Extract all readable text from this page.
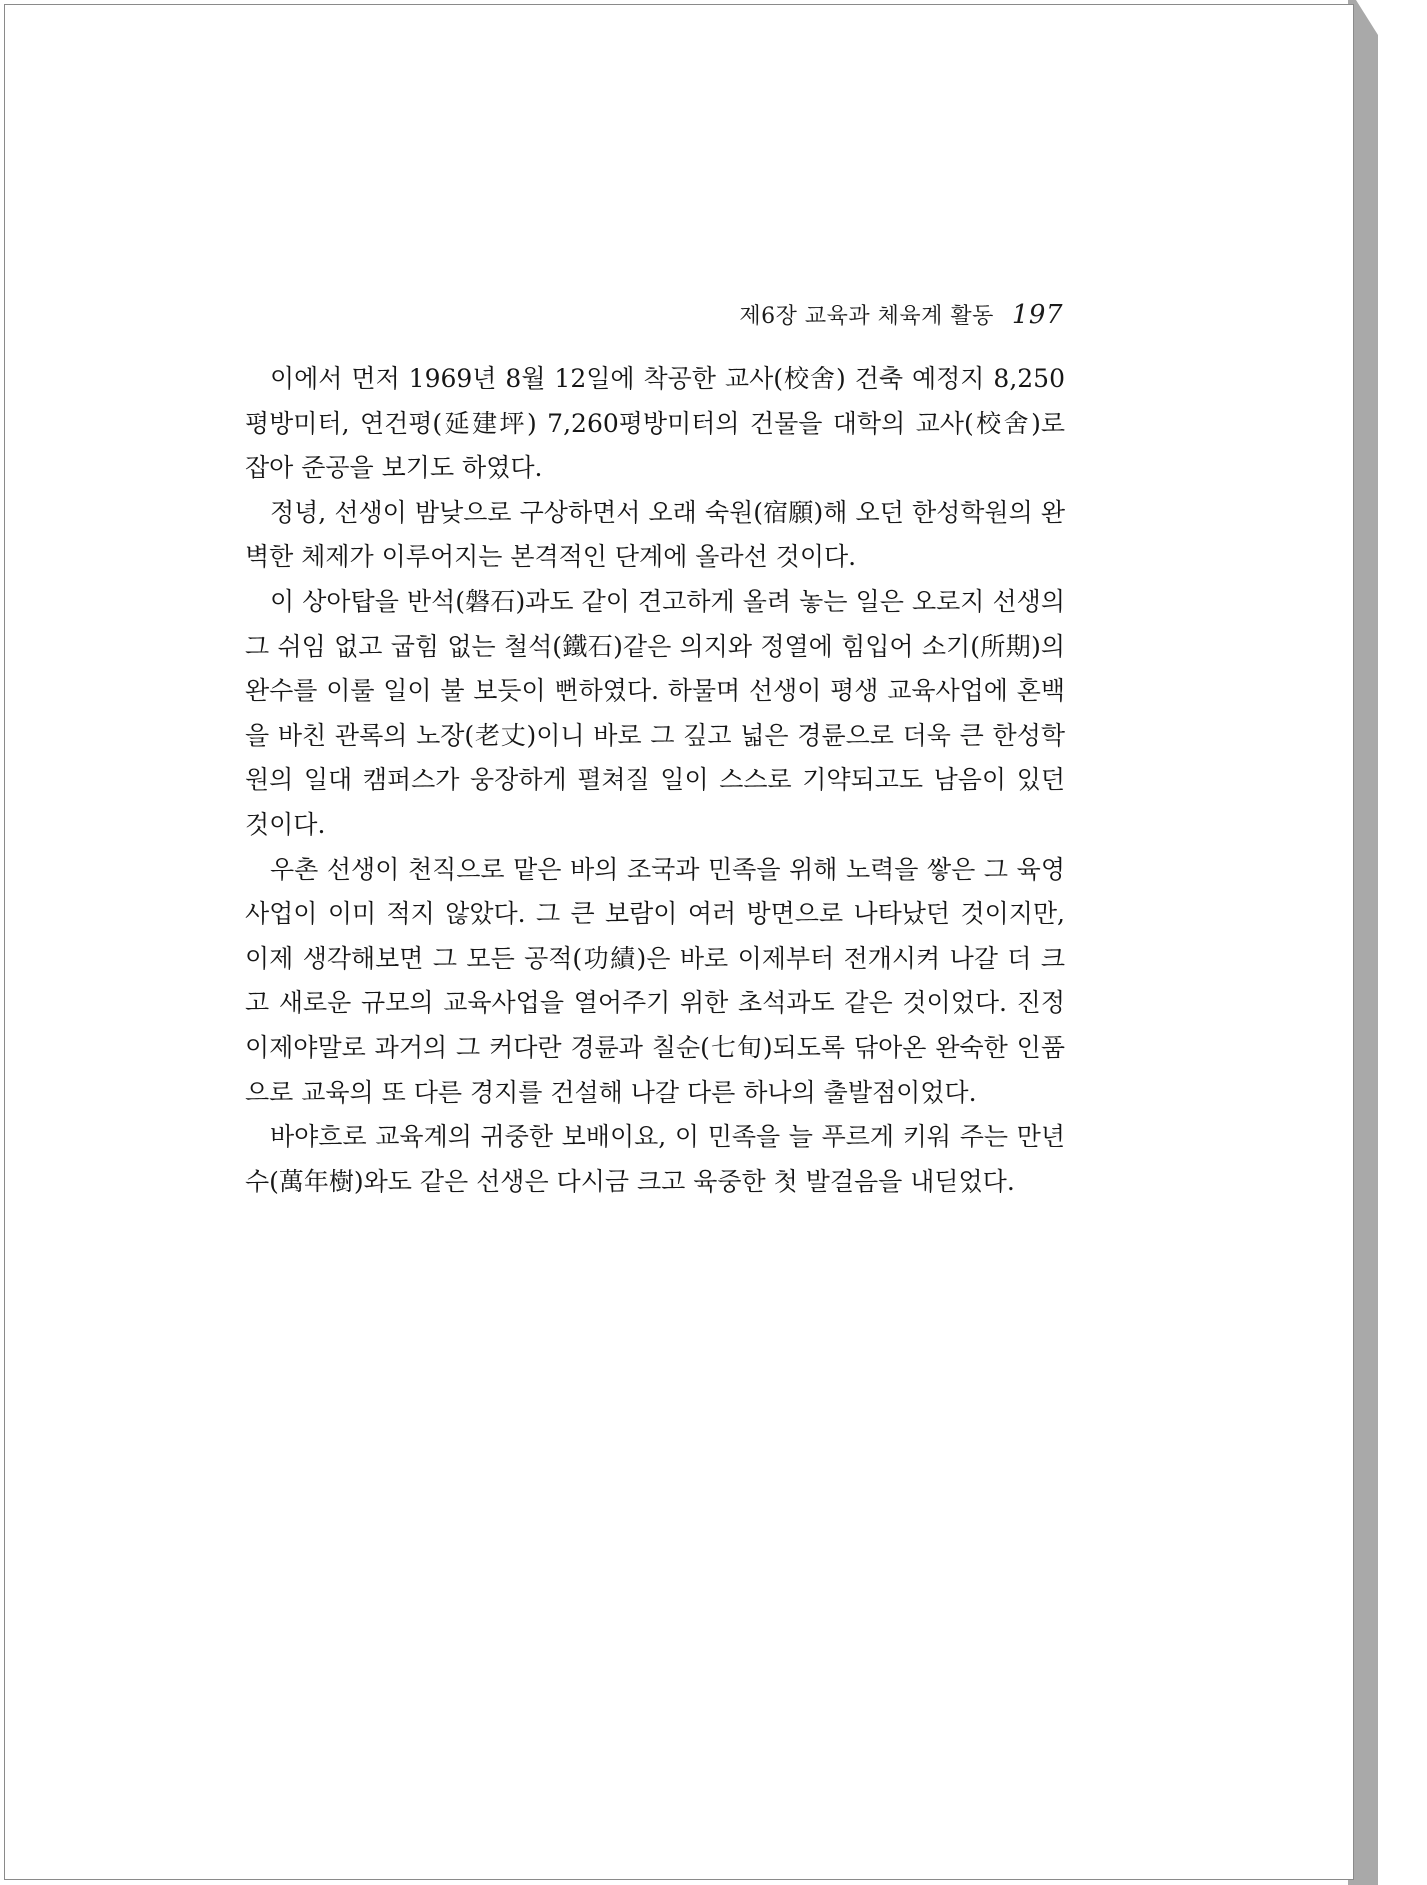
제6장 교육과 체육계 활동 197

이에서 먼저 1969년 8월 12일에 착공한 교사(校舍) 건축 예정지 8,250평방미터, 연건평(延建坪) 7,260평방미터의 건물을 대학의 교사(校舍)로 잡아 준공을 보기도 하였다.

정녕, 선생이 밤낮으로 구상하면서 오래 숙원(宿願)해 오던 한성학원의 완벽한 체제가 이루어지는 본격적인 단계에 올라선 것이다.

이 상아탑을 반석(磐石)과도 같이 견고하게 올려 놓는 일은 오로지 선생의 그 쉬임 없고 굽힘 없는 철석(鐵石)같은 의지와 정열에 힘입어 소기(所期)의 완수를 이룰 일이 불 보듯이 뻔하였다. 하물며 선생이 평생 교육사업에 혼백을 바친 관록의 노장(老丈)이니 바로 그 깊고 넓은 경륜으로 더욱 큰 한성학원의 일대 캠퍼스가 웅장하게 펼쳐질 일이 스스로 기약되고도 남음이 있던 것이다.

우촌 선생이 천직으로 맡은 바의 조국과 민족을 위해 노력을 쌓은 그 육영사업이 이미 적지 않았다. 그 큰 보람이 여러 방면으로 나타났던 것이지만, 이제 생각해보면 그 모든 공적(功績)은 바로 이제부터 전개시켜 나갈 더 크고 새로운 규모의 교육사업을 열어주기 위한 초석과도 같은 것이었다. 진정 이제야말로 과거의 그 커다란 경륜과 칠순(七旬)되도록 닦아온 완숙한 인품으로 교육의 또 다른 경지를 건설해 나갈 다른 하나의 출발점이었다.

바야흐로 교육계의 귀중한 보배이요, 이 민족을 늘 푸르게 키워 주는 만년수(萬年樹)와도 같은 선생은 다시금 크고 육중한 첫 발걸음을 내딛었다.
